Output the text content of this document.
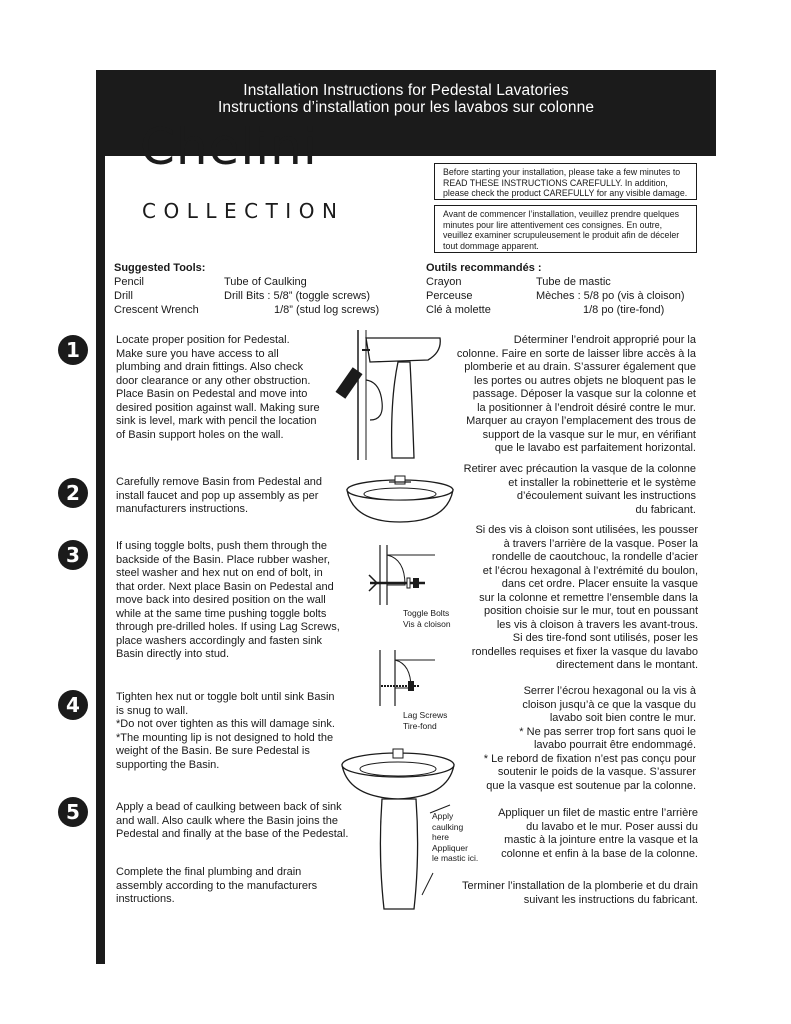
Installation Instructions for Pedestal Lavatories
Instructions d’installation pour les lavabos sur colonne
Chelini
COLLECTION
Before starting your installation, please take a few minutes to
READ THESE INSTRUCTIONS CAREFULLY. In addition,
please check the product CAREFULLY for any visible damage.
Avant de commencer l’installation, veuillez prendre quelques
minutes pour lire attentivement ces consignes. En outre,
veuillez examiner scrupuleusement le produit afin de déceler
tout dommage apparent.
Suggested Tools:
Pencil	Tube of Caulking
Drill	Drill Bits : 5/8” (toggle screws)
Crescent Wrench	1/8” (stud log screws)
Outils recommandés :
Crayon	Tube de mastic
Perceuse	Mèches : 5/8 po (vis à cloison)
Clé à molette	1/8 po (tire-fond)
1
2
3
4
5
Locate proper position for Pedestal.
Make sure you have access to all
plumbing and drain fittings. Also check
door clearance or any other obstruction.
Place Basin on Pedestal and move into
desired position against wall. Making sure
sink is level, mark with pencil the location
of Basin support holes on the wall.
Carefully remove Basin from Pedestal and
install faucet and pop up assembly as per
manufacturers instructions.
If using toggle bolts, push them through the
backside of the Basin. Place rubber washer,
steel washer and hex nut on end of bolt, in
that order. Next place Basin on Pedestal and
move back into desired position on the wall
while at the same time pushing toggle bolts
through pre-drilled holes. If using Lag Screws,
place washers accordingly and fasten sink
Basin directly into stud.
Tighten hex nut or toggle bolt until sink Basin
is snug to wall.
*Do not over tighten as this will damage sink.
*The mounting lip is not designed to hold the
weight of the Basin. Be sure Pedestal is
supporting the Basin.
Apply a bead of caulking between back of sink
and wall. Also caulk where the Basin joins the
Pedestal and finally at the base of the Pedestal.
Complete the final plumbing and drain
assembly according to the manufacturers
instructions.
Déterminer l’endroit approprié pour la
colonne. Faire en sorte de laisser libre accès à la
plomberie et au drain. S’assurer également que
les portes ou autres objets ne bloquent pas le
passage. Déposer la vasque sur la colonne et
la positionner à l’endroit désiré contre le mur.
Marquer au crayon l’emplacement des trous de
support de la vasque sur le mur, en vérifiant
que le lavabo est parfaitement horizontal.
Retirer avec précaution la vasque de la colonne
et installer la robinetterie et le système
d’écoulement suivant les instructions
du fabricant.
Si des vis à cloison sont utilisées, les pousser
à travers l’arrière de la vasque. Poser la
rondelle de caoutchouc, la rondelle d’acier
et l’écrou hexagonal à l’extrémité du boulon,
dans cet ordre. Placer ensuite la vasque
sur la colonne et remettre l’ensemble dans la
position choisie sur le mur, tout en poussant
les vis à cloison à travers les avant-trous.
Si des tire-fond sont utilisés, poser les
rondelles requises et fixer la vasque du lavabo
directement dans le montant.
Serrer l’écrou hexagonal ou la vis à
cloison jusqu’à ce que la vasque du
lavabo soit bien contre le mur.
* Ne pas serrer trop fort sans quoi le
lavabo pourrait être endommagé.
* Le rebord de fixation n’est pas conçu pour
soutenir le poids de la vasque. S’assurer
que la vasque est soutenue par la colonne.
Appliquer un filet de mastic entre l’arrière
du lavabo et le mur. Poser aussi du
mastic à la jointure entre la vasque et la
colonne et enfin à la base de la colonne.
Terminer l’installation de la plomberie et du drain
suivant les instructions du fabricant.
Toggle Bolts
Vis à cloison
Lag Screws
Tire-fond
Apply
caulking
here
Appliquer
le mastic ici.
